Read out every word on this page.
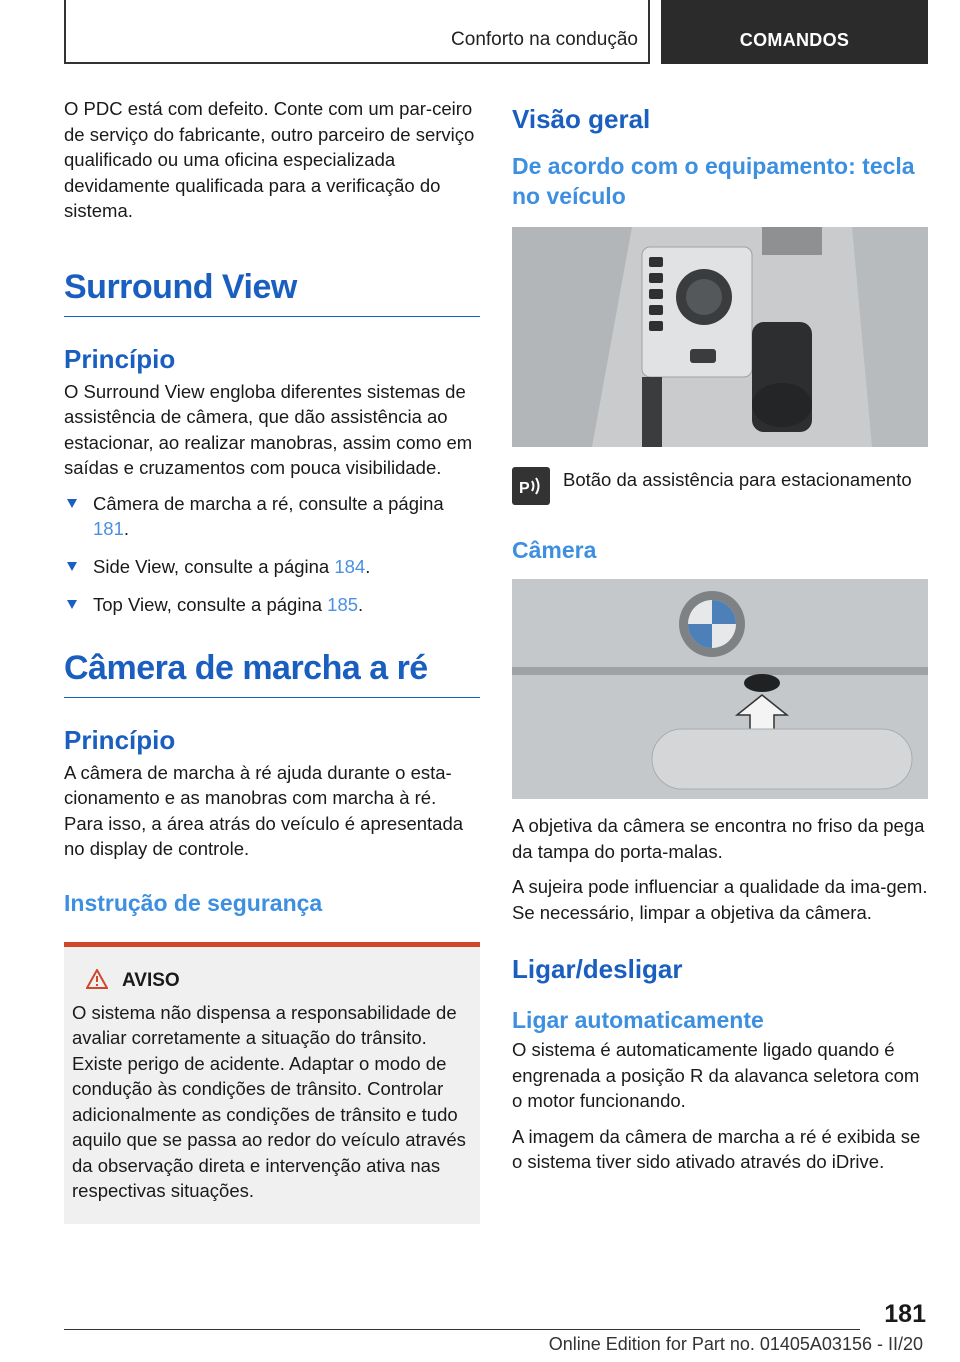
Conforto na condução	COMANDOS

O PDC está com defeito. Conte com um par-ceiro de serviço do fabricante, outro parceiro de serviço qualificado ou uma oficina especializada devidamente qualificada para a verificação do sistema.

Surround View
Princípio

O Surround View engloba diferentes sistemas de assistência de câmera, que dão assistência ao estacionar, ao realizar manobras, assim como em saídas e cruzamentos com pouca visibilidade.

Câmera de marcha a ré, consulte a página 181.
Side View, consulte a página 184.
Top View, consulte a página 185.
Câmera de marcha a ré
Princípio

A câmera de marcha à ré ajuda durante o esta-cionamento e as manobras com marcha à ré. Para isso, a área atrás do veículo é apresentada no display de controle.

Instrução de segurança
AVISO

O sistema não dispensa a responsabilidade de avaliar corretamente a situação do trânsito. Existe perigo de acidente. Adaptar o modo de condução às condições de trânsito. Controlar adicionalmente as condições de trânsito e tudo aquilo que se passa ao redor do veículo através da observação direta e intervenção ativa nas respectivas situações.

Visão geral
De acordo com o equipamento: tecla no veículo
P Botão da assistência para estacionamento
Câmera

A objetiva da câmera se encontra no friso da pega da tampa do porta-malas.

A sujeira pode influenciar a qualidade da ima-gem. Se necessário, limpar a objetiva da câmera.

Ligar/desligar
Ligar automaticamente

O sistema é automaticamente ligado quando é engrenada a posição R da alavanca seletora com o motor funcionando.

A imagem da câmera de marcha a ré é exibida se o sistema tiver sido ativado através do iDrive.

181
Online Edition for Part no. 01405A03156 - II/20
